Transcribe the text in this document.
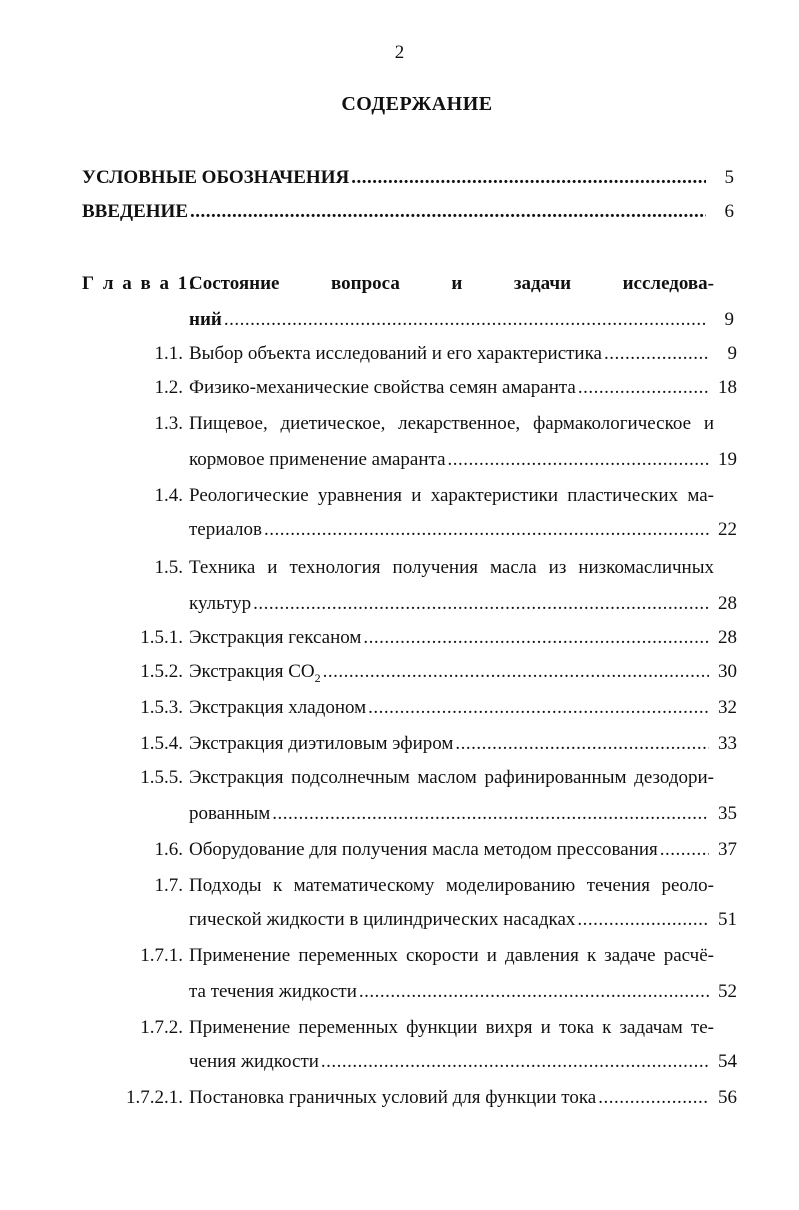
2
СОДЕРЖАНИЕ
УСЛОВНЫЕ ОБОЗНАЧЕНИЯ .....	5
ВВЕДЕНИЕ .....	6
Г л а в а 1.
Состояние	вопроса	и	задачи	исследова-
ний .....	9
1.1. Выбор объекта исследований и его характеристика .....	9
1.2. Физико-механические свойства семян амаранта .....	18
1.3. Пищевое, диетическое, лекарственное, фармакологическое и
кормовое применение амаранта .....	19
1.4. Реологические уравнения и характеристики пластических ма-
териалов .....	22
1.5. Техника и технология получения масла из низкомасличных
культур .....	28
1.5.1. Экстракция гексаном .....	28
1.5.2. Экстракция $CO_2$ .....	30
1.5.3. Экстракция хладоном .....	32
1.5.4. Экстракция диэтиловым эфиром .....	33
1.5.5. Экстракция подсолнечным маслом рафинированным дезодори-
рованным .....	35
1.6. Оборудование для получения масла методом прессования .....	37
1.7. Подходы к математическому моделированию течения реоло-
гической жидкости в цилиндрических насадках .....	51
1.7.1. Применение переменных скорости и давления к задаче расчё-
та течения жидкости .....	52
1.7.2. Применение переменных функции вихря и тока к задачам те-
чения жидкости .....	54
1.7.2.1. Постановка граничных условий для функции тока .....	56
